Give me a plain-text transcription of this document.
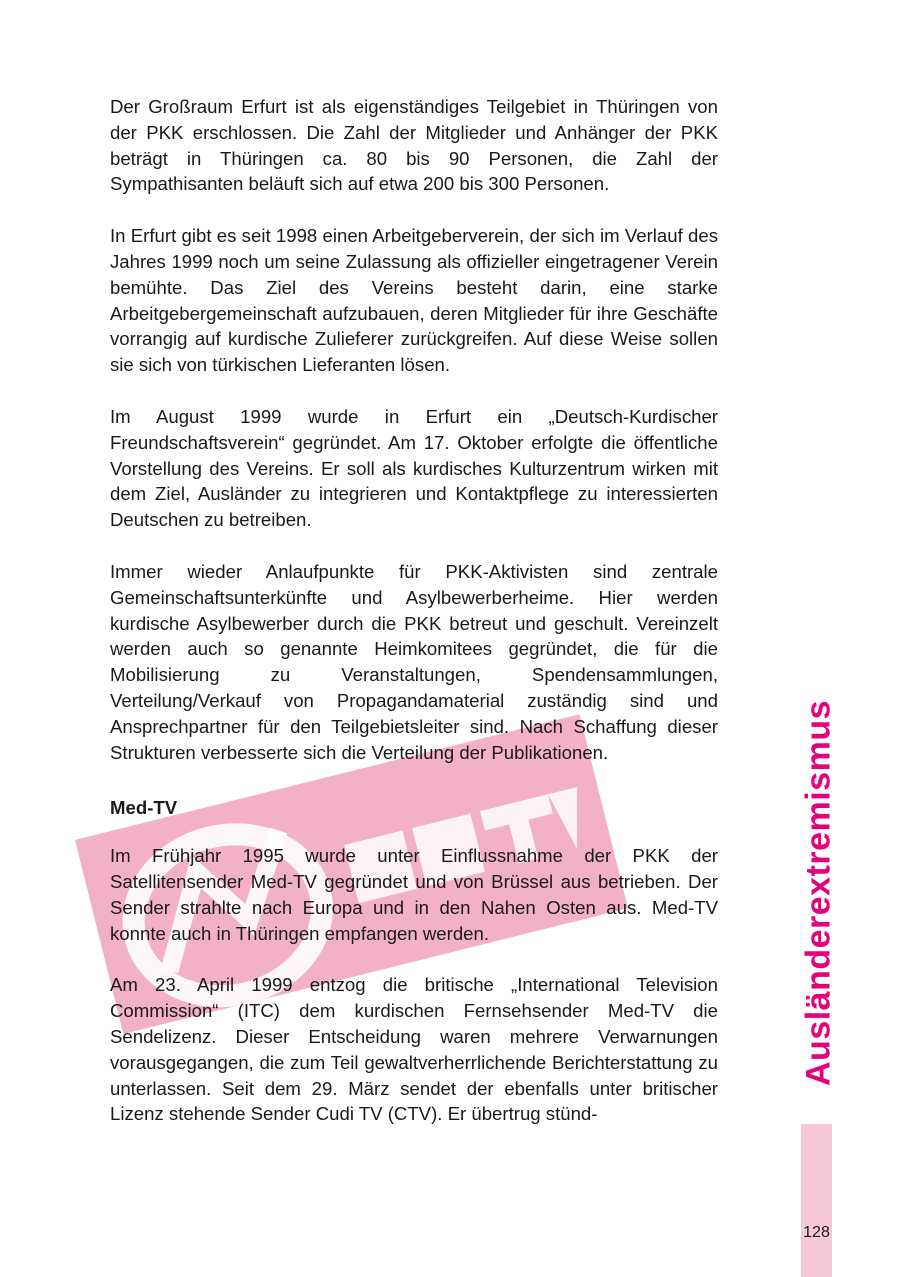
Der Großraum Erfurt ist als eigenständiges Teilgebiet in Thüringen von der PKK erschlossen. Die Zahl der Mitglieder und Anhänger der PKK beträgt in Thüringen ca. 80 bis 90 Personen, die Zahl der Sympathisanten beläuft sich auf etwa 200 bis 300 Personen.

In Erfurt gibt es seit 1998 einen Arbeitgeberverein, der sich im Verlauf des Jahres 1999 noch um seine Zulassung als offizieller eingetragener Verein bemühte. Das Ziel des Vereins besteht darin, eine starke Arbeitgebergemeinschaft aufzubauen, deren Mitglieder für ihre Geschäfte vorrangig auf kurdische Zulieferer zurückgreifen. Auf diese Weise sollen sie sich von türkischen Lieferanten lösen.

Im August 1999 wurde in Erfurt ein „Deutsch-Kurdischer Freundschaftsverein“ gegründet. Am 17. Oktober erfolgte die öffentliche Vorstellung des Vereins. Er soll als kurdisches Kulturzentrum wirken mit dem Ziel, Ausländer zu integrieren und Kontaktpflege zu interessierten Deutschen zu betreiben.

Immer wieder Anlaufpunkte für PKK-Aktivisten sind zentrale Gemeinschaftsunterkünfte und Asylbewerberheime. Hier werden kurdische Asylbewerber durch die PKK betreut und geschult. Vereinzelt werden auch so genannte Heimkomitees gegründet, die für die Mobilisierung zu Veranstaltungen, Spendensammlungen, Verteilung/Verkauf von Propagandamaterial zuständig sind und Ansprechpartner für den Teilgebietsleiter sind. Nach Schaffung dieser Strukturen verbesserte sich die Verteilung der Publikationen.

Med-TV

Im Frühjahr 1995 wurde unter Einflussnahme der PKK der Satellitensender Med-TV gegründet und von Brüssel aus betrieben. Der Sender strahlte nach Europa und in den Nahen Osten aus. Med-TV konnte auch in Thüringen empfangen werden.

Am 23. April 1999 entzog die britische „International Television Commission“ (ITC) dem kurdischen Fernsehsender Med-TV die Sendelizenz. Dieser Entscheidung waren mehrere Verwarnungen vorausgegangen, die zum Teil gewaltverherrlichende Berichterstattung zu unterlassen. Seit dem 29. März sendet der ebenfalls unter britischer Lizenz stehende Sender Cudi TV (CTV). Er übertrug stünd-

Ausländerextremismus
128
